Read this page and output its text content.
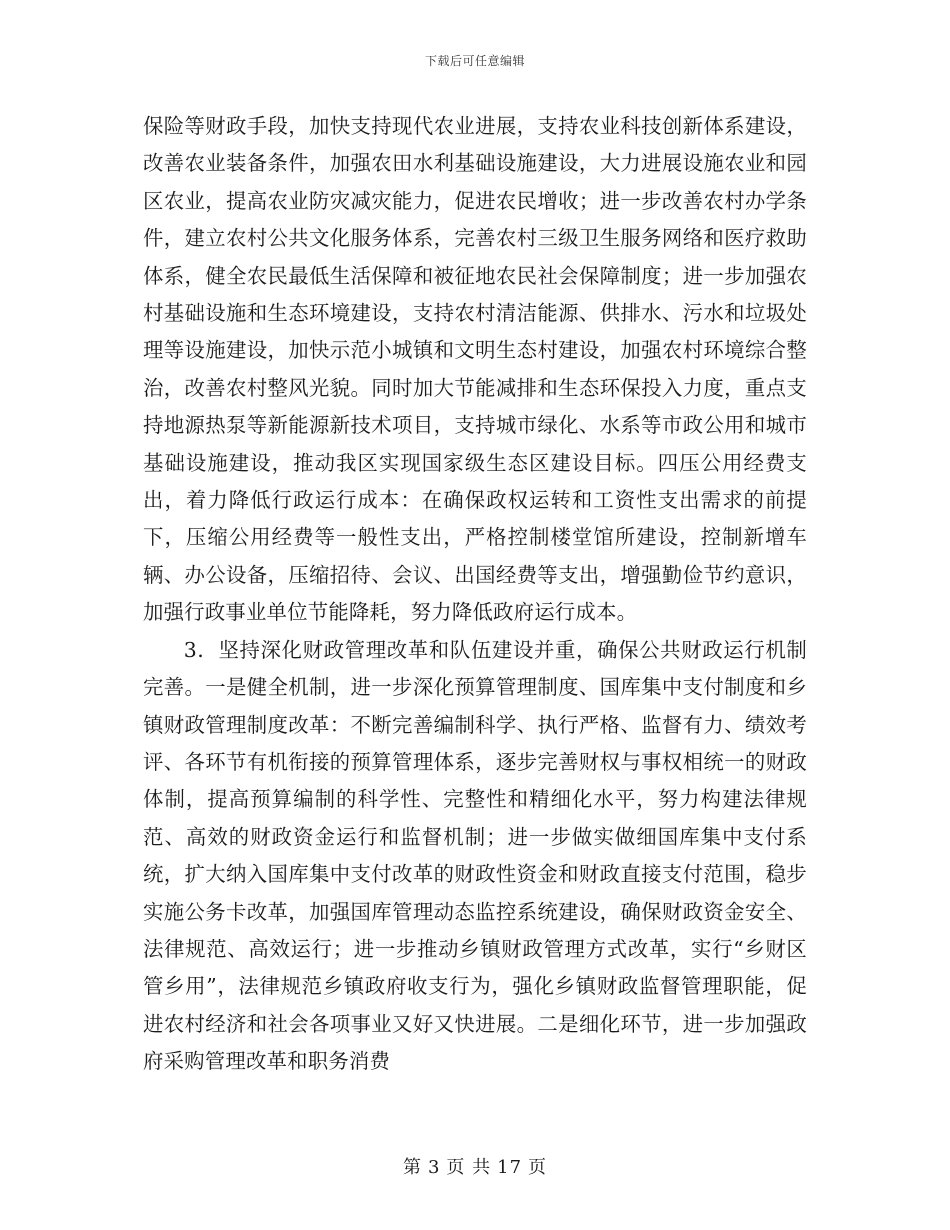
下载后可任意编辑

保险等财政手段，加快支持现代农业进展，支持农业科技创新体系建设，改善农业装备条件，加强农田水利基础设施建设，大力进展设施农业和园区农业，提高农业防灾减灾能力，促进农民增收；进一步改善农村办学条件，建立农村公共文化服务体系，完善农村三级卫生服务网络和医疗救助体系，健全农民最低生活保障和被征地农民社会保障制度；进一步加强农村基础设施和生态环境建设，支持农村清洁能源、供排水、污水和垃圾处理等设施建设，加快示范小城镇和文明生态村建设，加强农村环境综合整治，改善农村整风光貌。同时加大节能减排和生态环保投入力度，重点支持地源热泵等新能源新技术项目，支持城市绿化、水系等市政公用和城市基础设施建设，推动我区实现国家级生态区建设目标。四压公用经费支出，着力降低行政运行成本：在确保政权运转和工资性支出需求的前提下，压缩公用经费等一般性支出，严格控制楼堂馆所建设，控制新增车辆、办公设备，压缩招待、会议、出国经费等支出，增强勤俭节约意识，加强行政事业单位节能降耗，努力降低政府运行成本。

3．坚持深化财政管理改革和队伍建设并重，确保公共财政运行机制完善。一是健全机制，进一步深化预算管理制度、国库集中支付制度和乡镇财政管理制度改革：不断完善编制科学、执行严格、监督有力、绩效考评、各环节有机衔接的预算管理体系，逐步完善财权与事权相统一的财政体制，提高预算编制的科学性、完整性和精细化水平，努力构建法律规范、高效的财政资金运行和监督机制；进一步做实做细国库集中支付系统，扩大纳入国库集中支付改革的财政性资金和财政直接支付范围，稳步实施公务卡改革，加强国库管理动态监控系统建设，确保财政资金安全、法律规范、高效运行；进一步推动乡镇财政管理方式改革，实行“乡财区管乡用”，法律规范乡镇政府收支行为，强化乡镇财政监督管理职能，促进农村经济和社会各项事业又好又快进展。二是细化环节，进一步加强政府采购管理改革和职务消费

第 3 页 共 17 页
